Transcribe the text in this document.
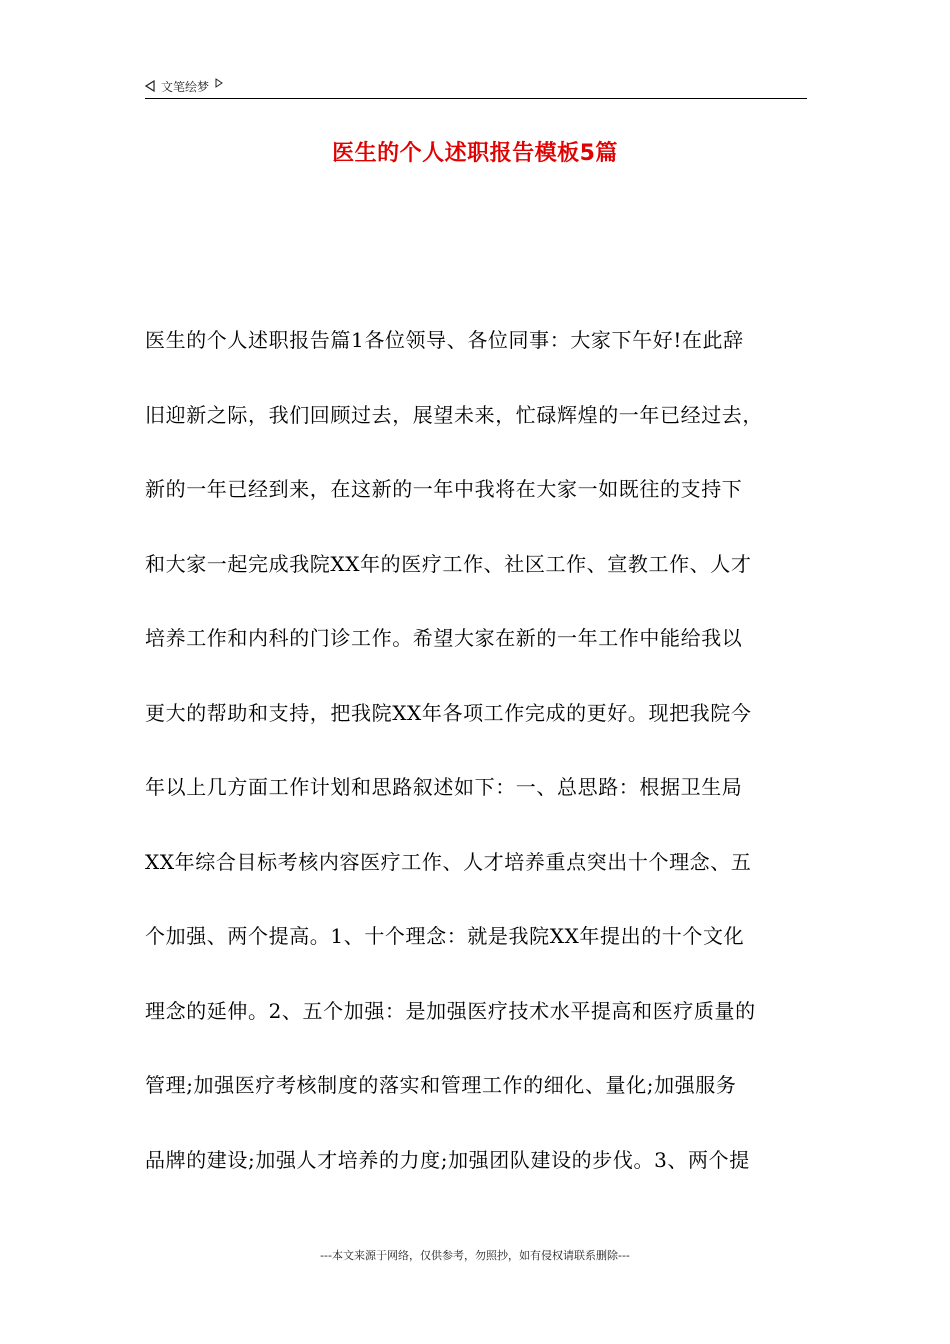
文笔绘梦
医生的个人述职报告模板5篇
医生的个人述职报告篇1各位领导、各位同事：大家下午好!在此辞
旧迎新之际，我们回顾过去，展望未来，忙碌辉煌的一年已经过去，
新的一年已经到来，在这新的一年中我将在大家一如既往的支持下
和大家一起完成我院XX年的医疗工作、社区工作、宣教工作、人才
培养工作和内科的门诊工作。希望大家在新的一年工作中能给我以
更大的帮助和支持，把我院XX年各项工作完成的更好。现把我院今
年以上几方面工作计划和思路叙述如下：一、总思路：根据卫生局
XX年综合目标考核内容医疗工作、人才培养重点突出十个理念、五
个加强、两个提高。1、十个理念：就是我院XX年提出的十个文化
理念的延伸。2、五个加强：是加强医疗技术水平提高和医疗质量的
管理;加强医疗考核制度的落实和管理工作的细化、量化;加强服务
品牌的建设;加强人才培养的力度;加强团队建设的步伐。3、两个提
---本文来源于网络，仅供参考，勿照抄，如有侵权请联系删除---
